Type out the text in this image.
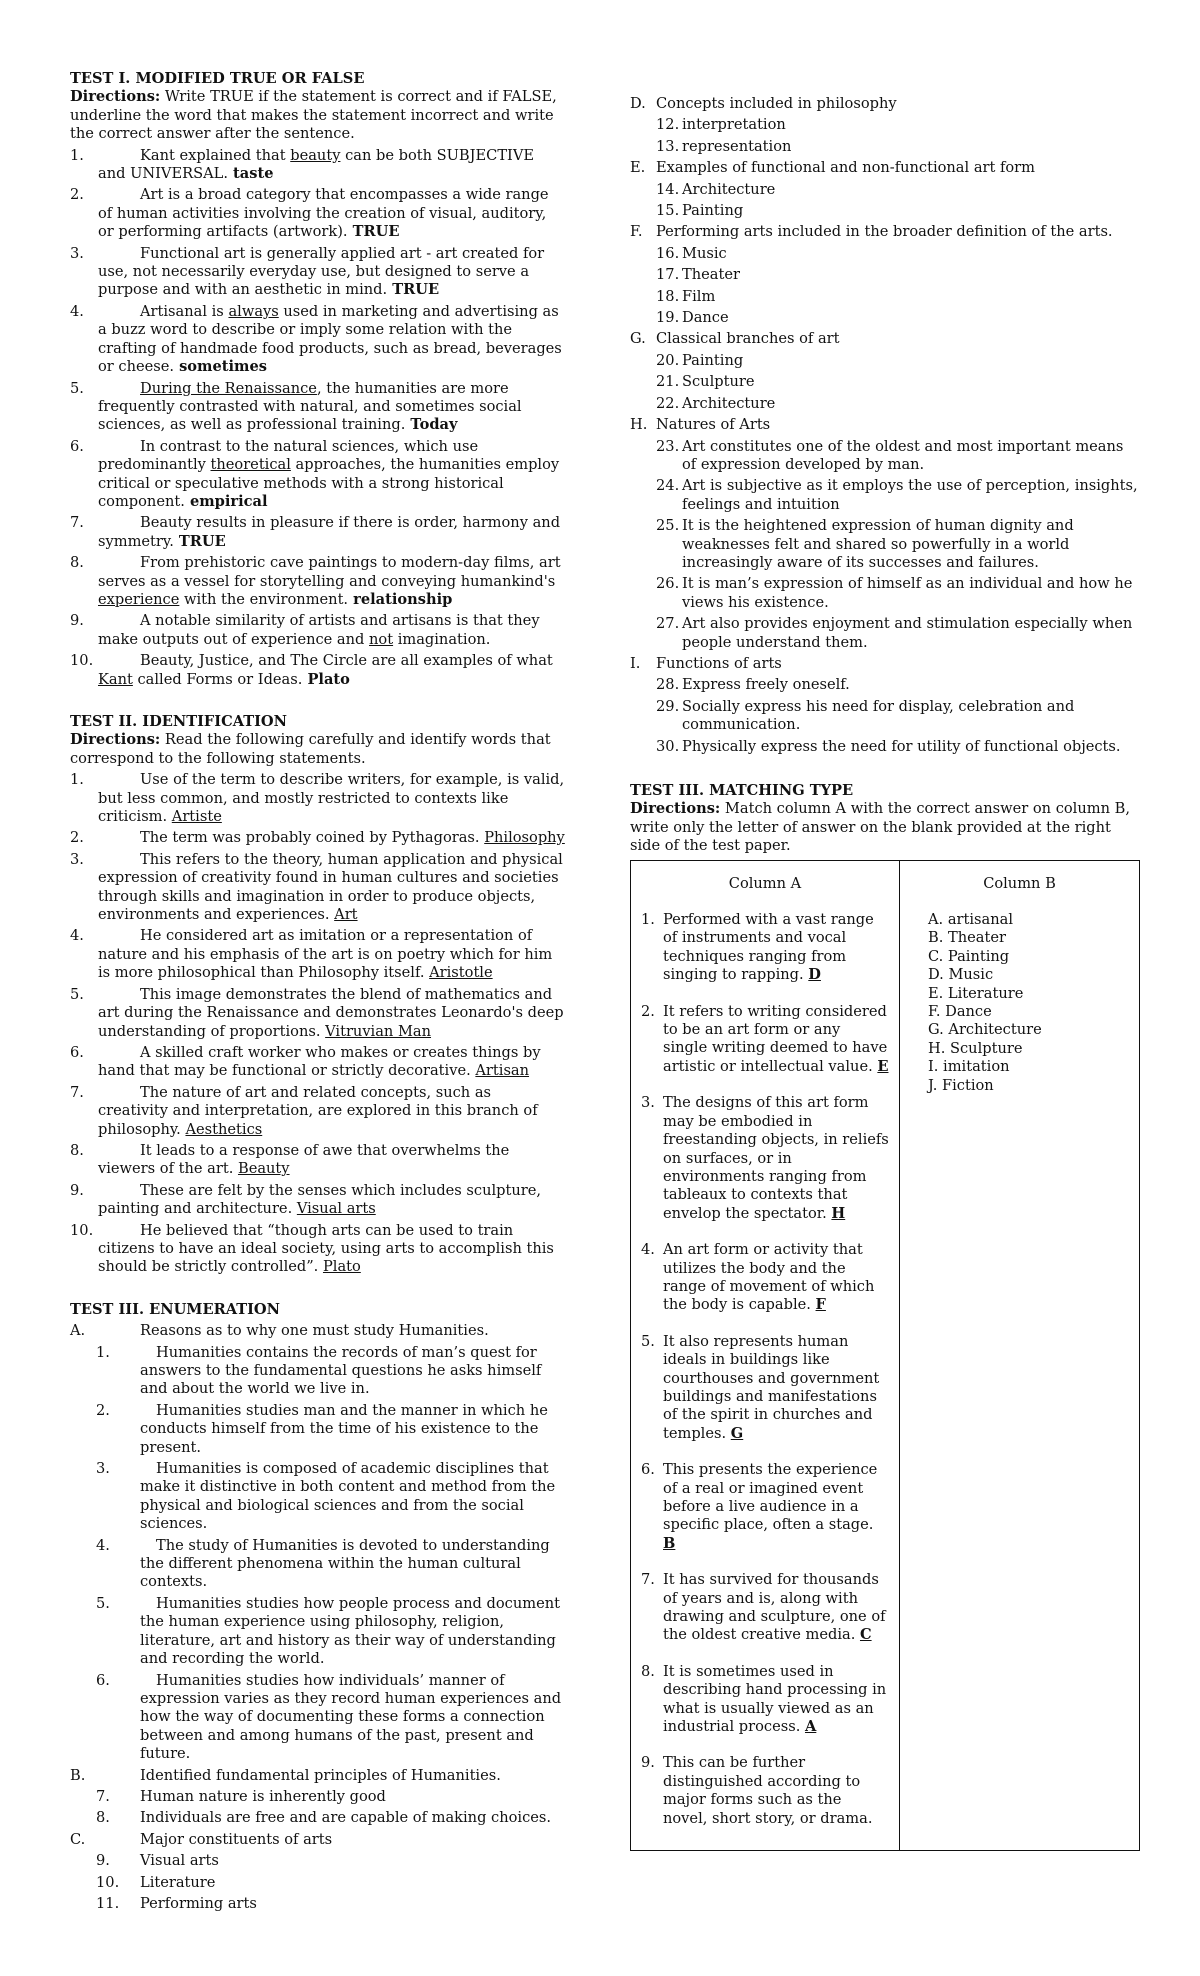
TEST I. MODIFIED TRUE OR FALSE
Directions: Write TRUE if the statement is correct and if FALSE, underline the word that makes the statement incorrect and write the correct answer after the sentence.
1.	Kant explained that beauty can be both SUBJECTIVE and UNIVERSAL. taste
2.	Art is a broad category that encompasses a wide range of human activities involving the creation of visual, auditory, or performing artifacts (artwork). TRUE
3.	Functional art is generally applied art - art created for use, not necessarily everyday use, but designed to serve a purpose and with an aesthetic in mind. TRUE
4.	Artisanal is always used in marketing and advertising as a buzz word to describe or imply some relation with the crafting of handmade food products, such as bread, beverages or cheese. sometimes
5.	During the Renaissance, the humanities are more frequently contrasted with natural, and sometimes social sciences, as well as professional training. Today
6.	In contrast to the natural sciences, which use predominantly theoretical approaches, the humanities employ critical or speculative methods with a strong historical component. empirical
7.	Beauty results in pleasure if there is order, harmony and symmetry. TRUE
8.	From prehistoric cave paintings to modern-day films, art serves as a vessel for storytelling and conveying humankind's experience with the environment. relationship
9.	A notable similarity of artists and artisans is that they make outputs out of experience and not imagination.
10.	Beauty, Justice, and The Circle are all examples of what Kant called Forms or Ideas. Plato
TEST II. IDENTIFICATION
Directions: Read the following carefully and identify words that correspond to the following statements.
1.	Use of the term to describe writers, for example, is valid, but less common, and mostly restricted to contexts like criticism. Artiste
2.	The term was probably coined by Pythagoras. Philosophy
3.	This refers to the theory, human application and physical expression of creativity found in human cultures and societies through skills and imagination in order to produce objects, environments and experiences. Art
4.	He considered art as imitation or a representation of nature and his emphasis of the art is on poetry which for him is more philosophical than Philosophy itself. Aristotle
5.	This image demonstrates the blend of mathematics and art during the Renaissance and demonstrates Leonardo's deep understanding of proportions. Vitruvian Man
6.	A skilled craft worker who makes or creates things by hand that may be functional or strictly decorative. Artisan
7.	The nature of art and related concepts, such as creativity and interpretation, are explored in this branch of philosophy. Aesthetics
8.	It leads to a response of awe that overwhelms the viewers of the art. Beauty
9.	These are felt by the senses which includes sculpture, painting and architecture. Visual arts
10.	He believed that “though arts can be used to train citizens to have an ideal society, using arts to accomplish this should be strictly controlled”. Plato
TEST III. ENUMERATION
A.	Reasons as to why one must study Humanities.
1.	Humanities contains the records of man’s quest for answers to the fundamental questions he asks himself and about the world we live in.
2.	Humanities studies man and the manner in which he conducts himself from the time of his existence to the present.
3.	Humanities is composed of academic disciplines that make it distinctive in both content and method from the physical and biological sciences and from the social sciences.
4.	The study of Humanities is devoted to understanding the different phenomena within the human cultural contexts.
5.	Humanities studies how people process and document the human experience using philosophy, religion, literature, art and history as their way of understanding and recording the world.
6.	Humanities studies how individuals’ manner of expression varies as they record human experiences and how the way of documenting these forms a connection between and among humans of the past, present and future.
B.	Identified fundamental principles of Humanities.
7.	Human nature is inherently good
8.	Individuals are free and are capable of making choices.
C.	Major constituents of arts
9.	Visual arts
10.	Literature
11.	Performing arts
D. Concepts included in philosophy
12. interpretation
13. representation
E. Examples of functional and non-functional art form
14. Architecture
15. Painting
F. Performing arts included in the broader definition of the arts.
16. Music
17. Theater
18. Film
19. Dance
G. Classical branches of art
20. Painting
21. Sculpture
22. Architecture
H. Natures of Arts
23. Art constitutes one of the oldest and most important means of expression developed by man.
24. Art is subjective as it employs the use of perception, insights, feelings and intuition
25. It is the heightened expression of human dignity and weaknesses felt and shared so powerfully in a world increasingly aware of its successes and failures.
26. It is man’s expression of himself as an individual and how he views his existence.
27. Art also provides enjoyment and stimulation especially when people understand them.
I.	Functions of arts
28. Express freely oneself.
29. Socially express his need for display, celebration and communication.
30. Physically express the need for utility of functional objects.
TEST III. MATCHING TYPE
Directions: Match column A with the correct answer on column B, write only the letter of answer on the blank provided at the right side of the test paper.
Column A
1. Performed with a vast range of instruments and vocal techniques ranging from singing to rapping. D
2. It refers to writing considered to be an art form or any single writing deemed to have artistic or intellectual value. E
3. The designs of this art form may be embodied in freestanding objects, in reliefs on surfaces, or in environments ranging from tableaux to contexts that envelop the spectator. H
4. An art form or activity that utilizes the body and the range of movement of which the body is capable. F
5. It also represents human ideals in buildings like courthouses and government buildings and manifestations of the spirit in churches and temples. G
6. This presents the experience of a real or imagined event before a live audience in a specific place, often a stage. B
7. It has survived for thousands of years and is, along with drawing and sculpture, one of the oldest creative media. C
8. It is sometimes used in describing hand processing in what is usually viewed as an industrial process. A
9. This can be further distinguished according to major forms such as the novel, short story, or drama.

Column B
A. artisanal
B. Theater
C. Painting
D. Music
E. Literature
F. Dance
G. Architecture
H. Sculpture
I. imitation
J. Fiction
